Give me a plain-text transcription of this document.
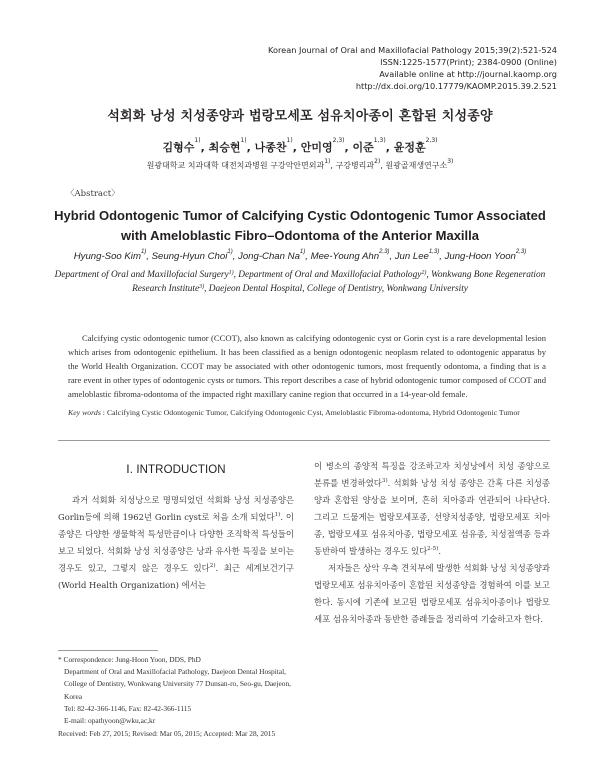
Korean Journal of Oral and Maxillofacial Pathology 2015;39(2):521-524
ISSN:1225-1577(Print); 2384-0900 (Online)
Available online at http://journal.kaomp.org
http://dx.doi.org/10.17779/KAOMP.2015.39.2.521
석회화 낭성 치성종양과 법랑모세포 섬유치아종이 혼합된 치성종양
김형수$^{1)}$, 최승현$^{1)}$, 나종찬$^{1)}$, 안미영$^{2,3)}$, 이준$^{1,3)}$, 윤정훈$^{2,3)}$
원광대학교 치과대학 대전치과병원 구강악안면외과$^{1)}$, 구강병리과$^{2)}$, 원광골재생연구소$^{3)}$
〈Abstract〉
Hybrid Odontogenic Tumor of Calcifying Cystic Odontogenic Tumor Associated
with Ameloblastic Fibro–Odontoma of the Anterior Maxilla
Hyung-Soo Kim$^{1)}$, Seung-Hyun Choi$^{1)}$, Jong-Chan Na$^{1)}$, Mee-Young Ahn$^{2,3)}$, Jun Lee$^{1,3)}$, Jung-Hoon Yoon$^{2,3)}$
Department of Oral and Maxillofacial Surgery$^{1)}$, Department of Oral and Maxillofacial Pathology$^{2)}$, Wonkwang Bone Regeneration Research Institute$^{3)}$, Daejeon Dental Hospital, College of Dentistry, Wonkwang University

Calcifying cystic odontogenic tumor (CCOT), also known as calcifying odontogenic cyst or Gorin cyst is a rare developmental lesion which arises from odontogenic epithelium. It has been classified as a benign odontogenic neoplasm related to odontogenic apparatus by the World Health Organization. CCOT may be associated with other odontogenic tumors, most frequently odontoma, a finding that is a rare event in other types of odontogenic cysts or tumors. This report describes a case of hybrid odontogenic tumor composed of CCOT and ameloblastic fibroma-odontoma of the impacted right maxillary canine region that occurred in a 14-year-old female.

Key words : Calcifying Cystic Odontogenic Tumor, Calcifying Odontogenic Cyst, Ameloblastic Fibroma-odontoma, Hybrid Odontogenic Tumor
Ⅰ. INTRODUCTION

과거 석회화 치성낭으로 명명되었던 석회화 낭성 치성종양은 Gorlin등에 의해 1962년 Gorlin cyst로 처음 소개 되었다$^{1)}$. 이 종양은 다양한 생물학적 특성만큼이나 다양한 조직학적 특성들이 보고 되었다. 석회화 낭성 치성종양은 낭과 유사한 특징을 보이는 경우도 있고, 그렇지 않은 경우도 있다$^{2)}$. 최근 세계보건기구(World Health Organization) 에서는

이 병소의 종양적 특징을 강조하고자 치성낭에서 치성 종양으로 분류를 변경하였다$^{3)}$. 석회화 낭성 치성 종양은 간혹 다른 치성종양과 혼합된 양상을 보이며, 흔히 치아종과 연관되어 나타난다. 그리고 드물게는 법랑모세포종, 선양치성종양, 법랑모세포 치아종, 법랑모세포 섬유치아종, 법랑모세포 섬유종, 치성점액종 등과 동반하여 발생하는 경우도 있다$^{2-5)}$.

저자들은 상악 우측 견치부에 발생한 석회화 낭성 치성종양과 법랑모세포 섬유치아종이 혼합된 치성종양을 경험하여 이를 보고한다. 동시에 기존에 보고된 법랑모세포 섬유치아종이나 법랑모세포 섬유치아종과 동반한 증례들을 정리하여 기술하고자 한다.

* Correspondence: Jung-Hoon Yoon, DDS, PhD
Department of Oral and Maxillofacial Pathology, Daejeon Dental Hospital, College of Dentistry, Wonkwang University 77 Dunsan-ro, Seo-gu, Daejeon, Korea
Tel: 82-42-366-1146, Fax: 82-42-366-1115
E-mail: opathyoon@wku,ac,kr
Received: Feb 27, 2015; Revised: Mar 05, 2015; Accepted: Mar 28, 2015
